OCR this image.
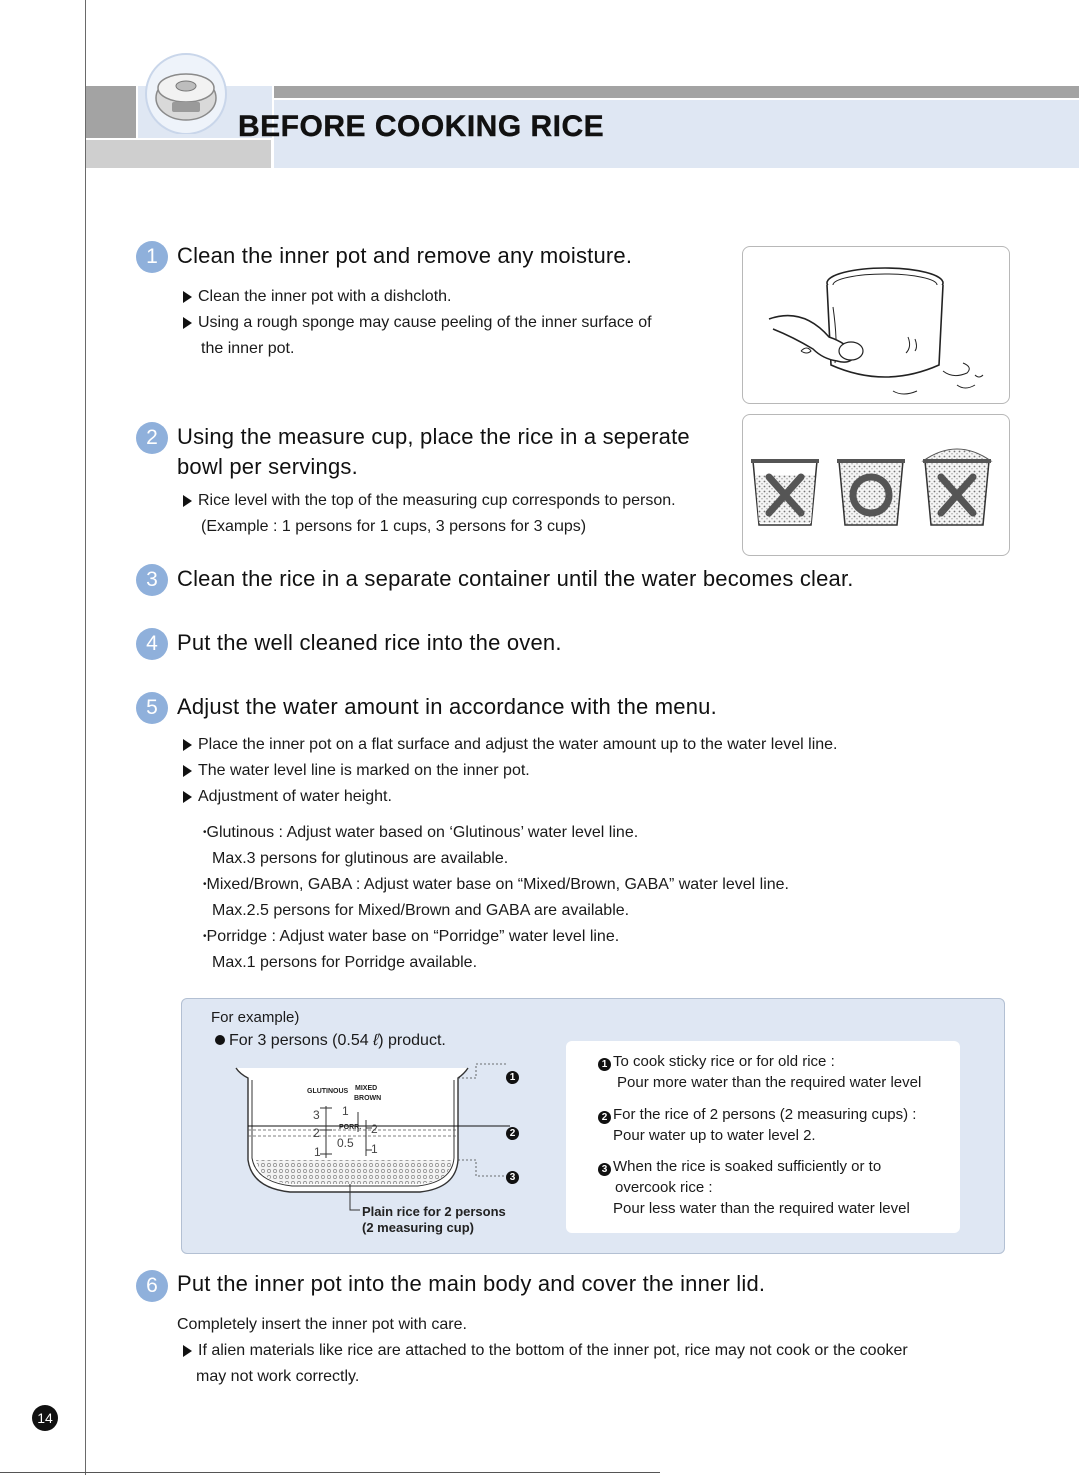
BEFORE COOKING RICE
1 Clean the inner pot and remove any moisture.
Clean the inner pot with a dishcloth.
Using a rough sponge may cause peeling of the inner surface of
the inner pot.
2 Using the measure cup, place the rice in a seperate
bowl per servings.
Rice level with the top of the measuring cup corresponds to person.
(Example : 1 persons for 1 cups, 3 persons for 3 cups)
3 Clean the rice in a separate container until the water becomes clear.
4 Put the well cleaned rice into the oven.
5 Adjust the water amount in accordance with the menu.
Place the inner pot on a flat surface and adjust the water amount up to the water level line.
The water level line is marked on the inner pot.
Adjustment of water height.
•Glutinous : Adjust water based on ‘Glutinous’ water level line.
Max.3 persons for glutinous are available.
•Mixed/Brown, GABA : Adjust water base on “Mixed/Brown, GABA” water level line.
Max.2.5 persons for Mixed/Brown and GABA are available.
•Porridge : Adjust water base on “Porridge” water level line.
Max.1 persons for Porridge available.
For example)
For 3 persons (0.54 ℓ) product.
GLUTINOUS MIXED
BROWN
PORR.
3
2
1
1
0.5
2
1
1
2
3
Plain rice for 2 persons
(2 measuring cup)
1 To cook sticky rice or for old rice :
Pour more water than the required water level
2 For the rice of 2 persons (2 measuring cups) :
Pour water up to water level 2.
3 When the rice is soaked sufficiently or to
overcook rice :
Pour less water than the required water level
6 Put the inner pot into the main body and cover the inner lid.
Completely insert the inner pot with care.
If alien materials like rice are attached to the bottom of the inner pot, rice may not cook or the cooker
may not work correctly.
14
